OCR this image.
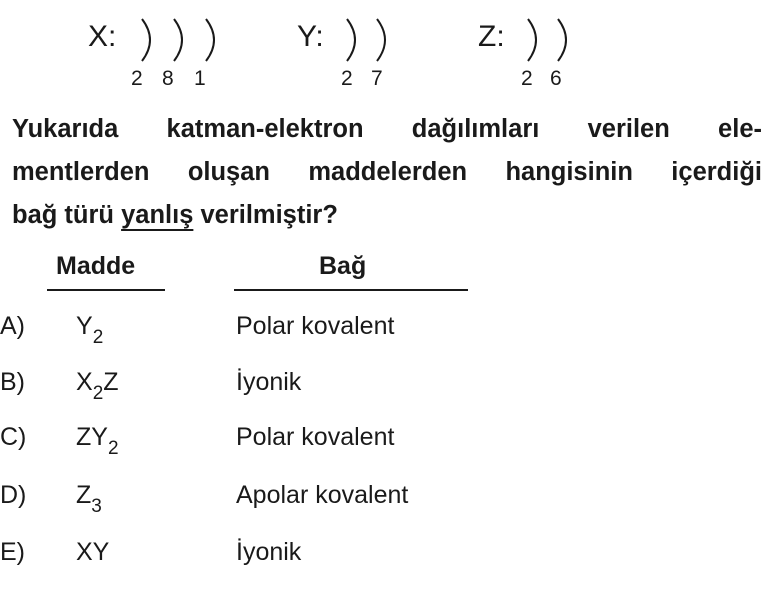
X:
2 8 1
Y:
2 7
Z:
2 6
Yukarıda katman-elektron dağılımları verilen ele-
mentlerden oluşan maddelerden hangisinin içerdiği
bağ türü yanlış verilmiştir?
Madde	Bağ
A) $Y_2$	Polar kovalent
B) $X_2Z$	İyonik
C) $ZY_2$	Polar kovalent
D) $Z_3$	Apolar kovalent
E) XY	İyonik
